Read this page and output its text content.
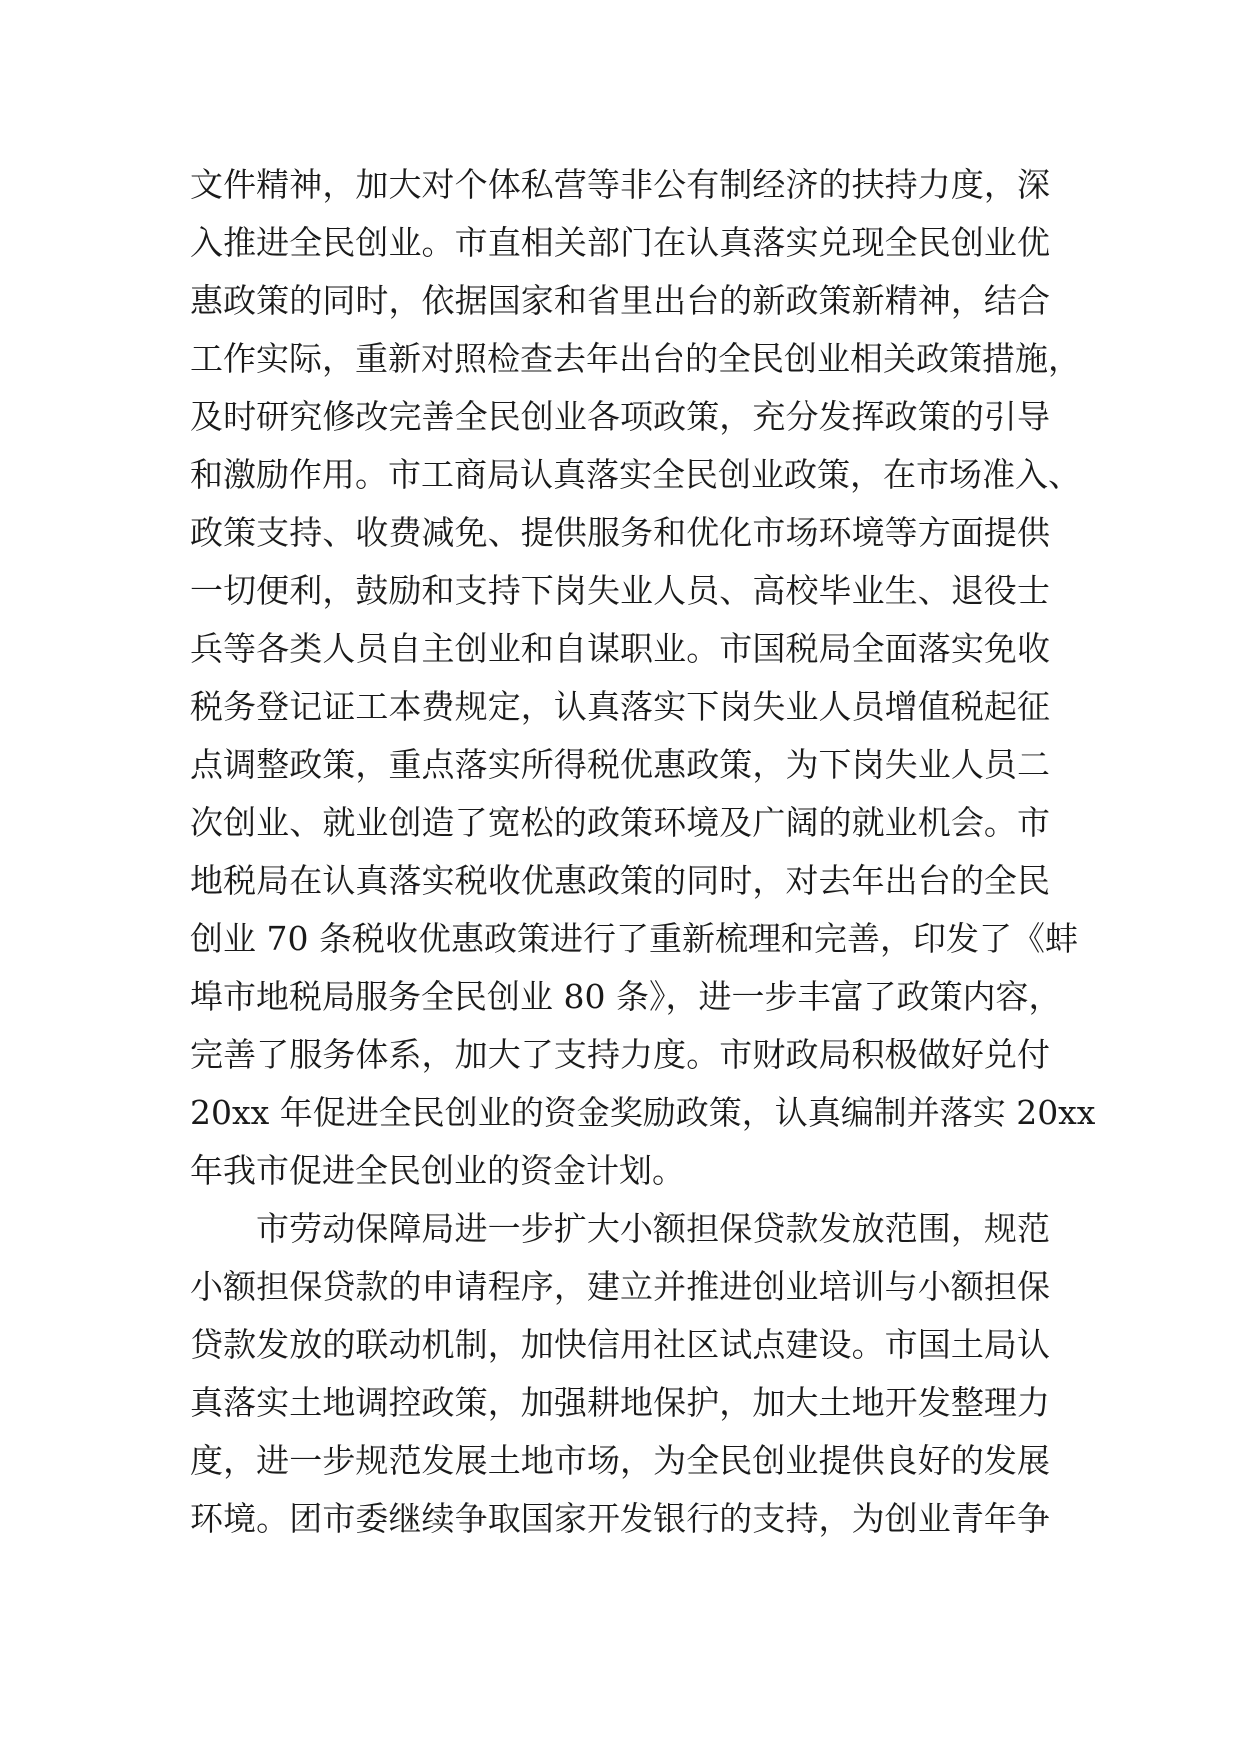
文件精神，加大对个体私营等非公有制经济的扶持力度，深
入推进全民创业。市直相关部门在认真落实兑现全民创业优
惠政策的同时，依据国家和省里出台的新政策新精神，结合
工作实际，重新对照检查去年出台的全民创业相关政策措施，
及时研究修改完善全民创业各项政策，充分发挥政策的引导
和激励作用。市工商局认真落实全民创业政策，在市场准入、
政策支持、收费减免、提供服务和优化市场环境等方面提供
一切便利，鼓励和支持下岗失业人员、高校毕业生、退役士
兵等各类人员自主创业和自谋职业。市国税局全面落实免收
税务登记证工本费规定，认真落实下岗失业人员增值税起征
点调整政策，重点落实所得税优惠政策，为下岗失业人员二
次创业、就业创造了宽松的政策环境及广阔的就业机会。市
地税局在认真落实税收优惠政策的同时，对去年出台的全民
创业 70 条税收优惠政策进行了重新梳理和完善，印发了《蚌
埠市地税局服务全民创业 80 条》，进一步丰富了政策内容，
完善了服务体系，加大了支持力度。市财政局积极做好兑付
20xx 年促进全民创业的资金奖励政策，认真编制并落实 20xx
年我市促进全民创业的资金计划。
市劳动保障局进一步扩大小额担保贷款发放范围，规范
小额担保贷款的申请程序，建立并推进创业培训与小额担保
贷款发放的联动机制，加快信用社区试点建设。市国土局认
真落实土地调控政策，加强耕地保护，加大土地开发整理力
度，进一步规范发展土地市场，为全民创业提供良好的发展
环境。团市委继续争取国家开发银行的支持，为创业青年争
